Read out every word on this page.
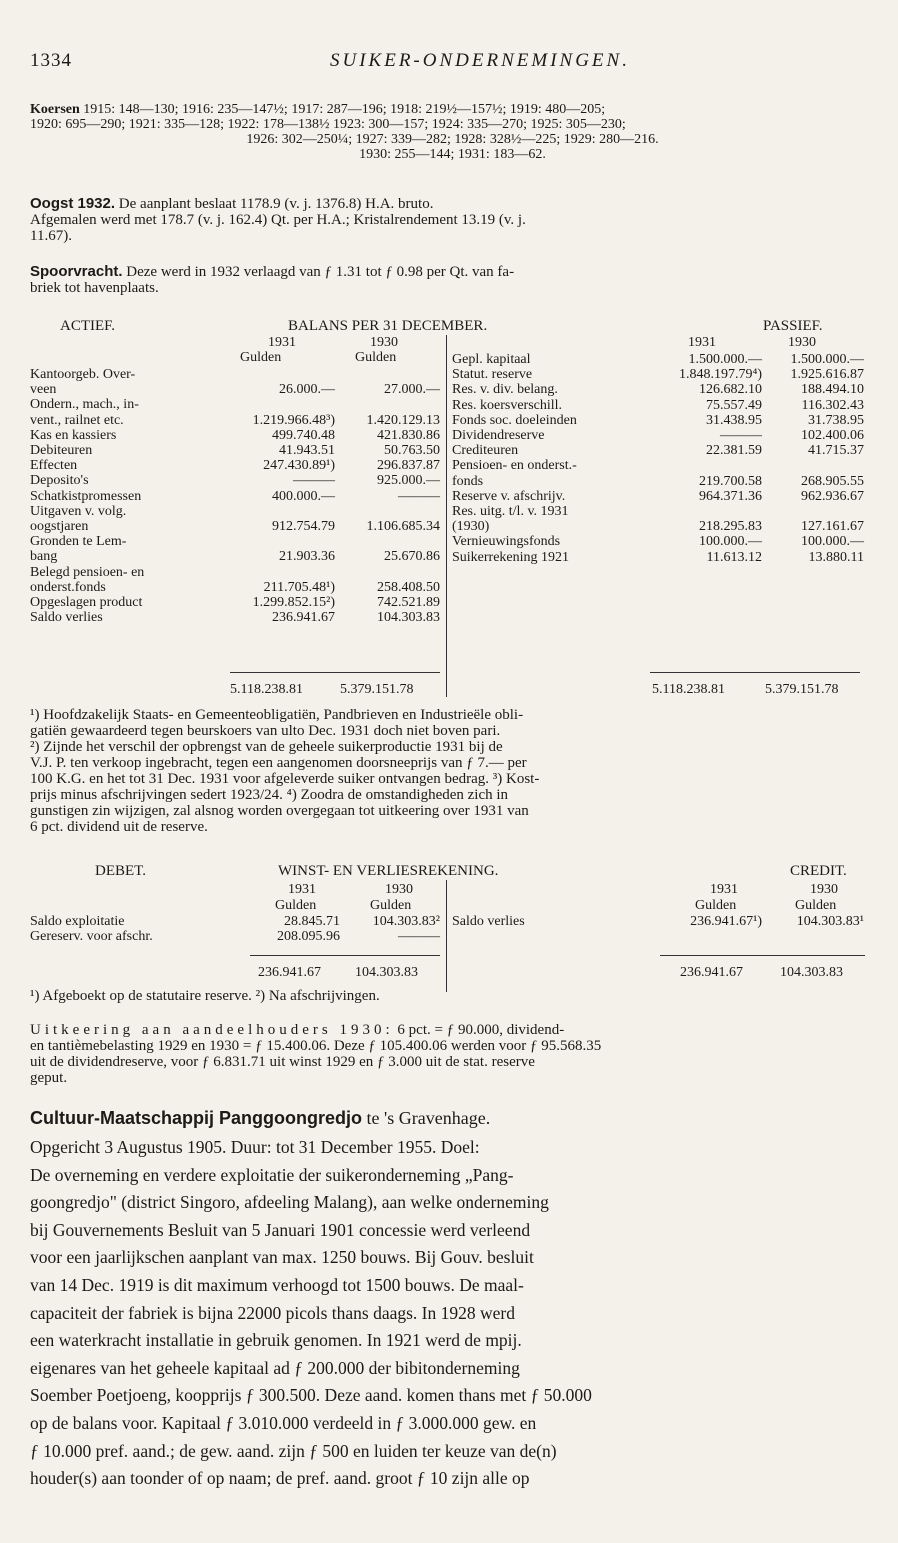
1334	SUIKER-ONDERNEMINGEN.
Koersen 1915: 148—130; 1916: 235—147½; 1917: 287—196; 1918: 219½—157½; 1919: 480—205;
1920: 695—290; 1921: 335—128; 1922: 178—138½ 1923: 300—157; 1924: 335—270; 1925: 305—230;
1926: 302—250¼; 1927: 339—282; 1928: 328½—225; 1929: 280—216.
1930: 255—144; 1931: 183—62.
Oogst 1932. De aanplant beslaat 1178.9 (v. j. 1376.8) H.A. bruto.
Afgemalen werd met 178.7 (v. j. 162.4) Qt. per H.A.; Kristalrendement 13.19 (v. j.
11.67).
Spoorvracht. Deze werd in 1932 verlaagd van ƒ 1.31 tot ƒ 0.98 per Qt. van fa-
briek tot havenplaats.
ACTIEF.	BALANS PER 31 DECEMBER.	PASSIEF.
1931	1930
Gulden	Gulden
1931	1930
Kantoorgeb. Over-		
veen	26.000.—	27.000.—
Ondern., mach., in-		
vent., railnet etc.	1.219.966.48³)	1.420.129.13
Kas en kassiers	499.740.48	421.830.86
Debiteuren	41.943.51	50.763.50
Effecten	247.430.89¹)	296.837.87
Deposito's	———	925.000.—
Schatkistpromessen	400.000.—	———
Uitgaven v. volg.		
oogstjaren	912.754.79	1.106.685.34
Gronden te Lem-		
bang	21.903.36	25.670.86
Belegd pensioen- en		
onderst.fonds	211.705.48¹)	258.408.50
Opgeslagen product	1.299.852.15²)	742.521.89
Saldo verlies	236.941.67	104.303.83
Gepl. kapitaal	1.500.000.—	1.500.000.—
Statut. reserve	1.848.197.79⁴)	1.925.616.87
Res. v. div. belang.	126.682.10	188.494.10
Res. koersverschill.	75.557.49	116.302.43
Fonds soc. doeleinden	31.438.95	31.738.95
Dividendreserve	———	102.400.06
Crediteuren	22.381.59	41.715.37
Pensioen- en onderst.-		
fonds	219.700.58	268.905.55
Reserve v. afschrijv.	964.371.36	962.936.67
Res. uitg. t/l. v. 1931		
(1930)	218.295.83	127.161.67
Vernieuwingsfonds	100.000.—	100.000.—
Suikerrekening 1921	11.613.12	13.880.11
5.118.238.81	5.379.151.78	5.118.238.81	5.379.151.78
¹) Hoofdzakelijk Staats- en Gemeenteobligatiën, Pandbrieven en Industrieële obli-
gatiën gewaardeerd tegen beurskoers van ulto Dec. 1931 doch niet boven pari.
²) Zijnde het verschil der opbrengst van de geheele suikerproductie 1931 bij de
V.J. P. ten verkoop ingebracht, tegen een aangenomen doorsneeprijs van ƒ 7.— per
100 K.G. en het tot 31 Dec. 1931 voor afgeleverde suiker ontvangen bedrag. ³) Kost-
prijs minus afschrijvingen sedert 1923/24. ⁴) Zoodra de omstandigheden zich in
gunstigen zin wijzigen, zal alsnog worden overgegaan tot uitkeering over 1931 van
6 pct. dividend uit de reserve.
DEBET.	WINST- EN VERLIESREKENING.	CREDIT.
1931	1930
Gulden	Gulden
1931	1930
Gulden	Gulden
Saldo exploitatie	28.845.71	104.303.83²
Gereserv. voor afschr.	208.095.96	———
Saldo verlies	236.941.67¹)	104.303.83¹
236.941.67 104.303.83	236.941.67	104.303.83
¹) Afgeboekt op de statutaire reserve. ²) Na afschrijvingen.
Uitkeering aan aandeelhouders 1930: 6 pct. = ƒ 90.000, dividend-
en tantièmebelasting 1929 en 1930 = ƒ 15.400.06. Deze ƒ 105.400.06 werden voor ƒ 95.568.35
uit de dividendreserve, voor ƒ 6.831.71 uit winst 1929 en ƒ 3.000 uit de stat. reserve
geput.
Cultuur-Maatschappij Panggoongredjo te 's Gravenhage.
Opgericht 3 Augustus 1905. Duur: tot 31 December 1955. Doel:
De overneming en verdere exploitatie der suikeronderneming „Pang-
goongredjo" (district Singoro, afdeeling Malang), aan welke onderneming
bij Gouvernements Besluit van 5 Januari 1901 concessie werd verleend
voor een jaarlijkschen aanplant van max. 1250 bouws. Bij Gouv. besluit
van 14 Dec. 1919 is dit maximum verhoogd tot 1500 bouws. De maal-
capaciteit der fabriek is bijna 22000 picols thans daags. In 1928 werd
een waterkracht installatie in gebruik genomen. In 1921 werd de mpij.
eigenares van het geheele kapitaal ad ƒ 200.000 der bibitonderneming
Soember Poetjoeng, koopprijs ƒ 300.500. Deze aand. komen thans met ƒ 50.000
op de balans voor. Kapitaal ƒ 3.010.000 verdeeld in ƒ 3.000.000 gew. en
ƒ 10.000 pref. aand.; de gew. aand. zijn ƒ 500 en luiden ter keuze van de(n)
houder(s) aan toonder of op naam; de pref. aand. groot ƒ 10 zijn alle op
